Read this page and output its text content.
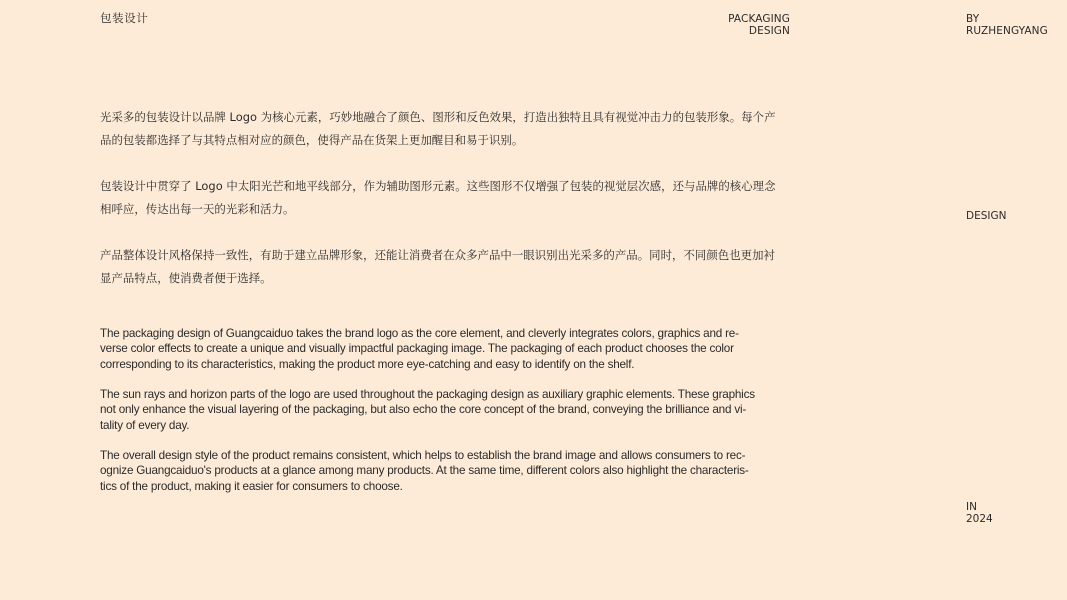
包装设计	PACKAGING
DESIGN
BY
RUZHENGYANG
DESIGN
IN
2024

光采多的包装设计以品牌 Logo 为核心元素，巧妙地融合了颜色、图形和反色效果，打造出独特且具有视觉冲击力的包装形象。每个产
品的包装都选择了与其特点相对应的颜色，使得产品在货架上更加醒目和易于识别。

包装设计中贯穿了 Logo 中太阳光芒和地平线部分，作为辅助图形元素。这些图形不仅增强了包装的视觉层次感，还与品牌的核心理念
相呼应，传达出每一天的光彩和活力。

产品整体设计风格保持一致性，有助于建立品牌形象，还能让消费者在众多产品中一眼识别出光采多的产品。同时，不同颜色也更加衬
显产品特点，使消费者便于选择。

The packaging design of Guangcaiduo takes the brand logo as the core element, and cleverly integrates colors, graphics and re-
verse color effects to create a unique and visually impactful packaging image. The packaging of each product chooses the color
corresponding to its characteristics, making the product more eye-catching and easy to identify on the shelf.

The sun rays and horizon parts of the logo are used throughout the packaging design as auxiliary graphic elements. These graphics
not only enhance the visual layering of the packaging, but also echo the core concept of the brand, conveying the brilliance and vi-
tality of every day.

The overall design style of the product remains consistent, which helps to establish the brand image and allows consumers to rec-
ognize Guangcaiduo's products at a glance among many products. At the same time, different colors also highlight the characteris-
tics of the product, making it easier for consumers to choose.
